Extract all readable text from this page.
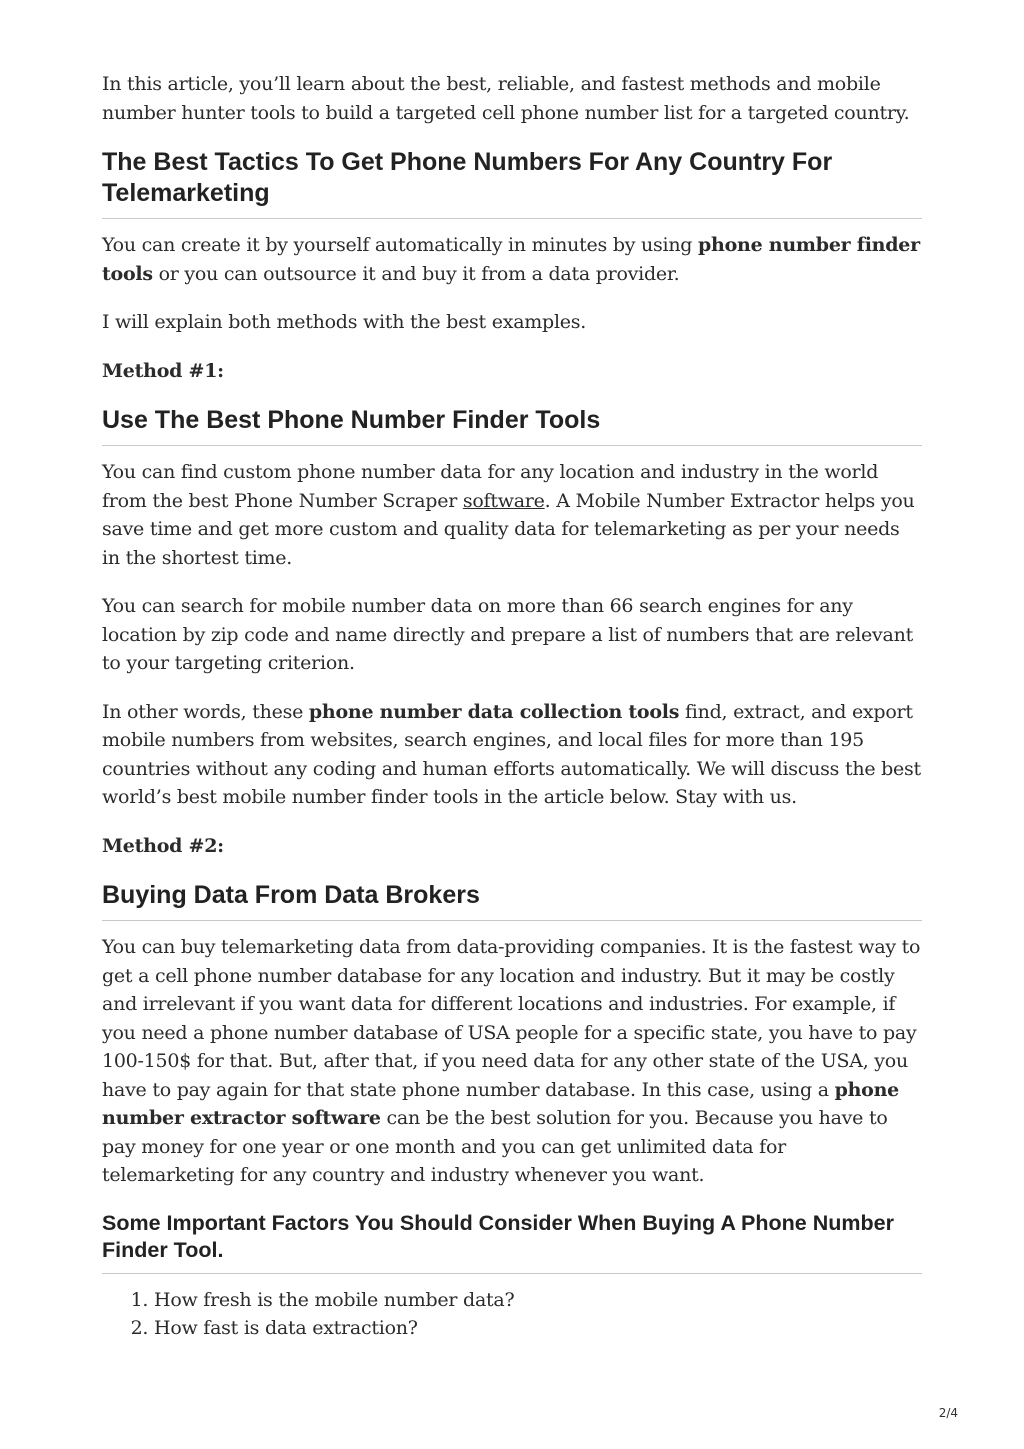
In this article, you’ll learn about the best, reliable, and fastest methods and mobile number hunter tools to build a targeted cell phone number list for a targeted country.

The Best Tactics To Get Phone Numbers For Any Country For Telemarketing

You can create it by yourself automatically in minutes by using phone number finder tools or you can outsource it and buy it from a data provider.

I will explain both methods with the best examples.

Method #1:

Use The Best Phone Number Finder Tools

You can find custom phone number data for any location and industry in the world from the best Phone Number Scraper software. A Mobile Number Extractor helps you save time and get more custom and quality data for telemarketing as per your needs in the shortest time.

You can search for mobile number data on more than 66 search engines for any location by zip code and name directly and prepare a list of numbers that are relevant to your targeting criterion.

In other words, these phone number data collection tools find, extract, and export mobile numbers from websites, search engines, and local files for more than 195 countries without any coding and human efforts automatically. We will discuss the best world’s best mobile number finder tools in the article below. Stay with us.

Method #2:

Buying Data From Data Brokers

You can buy telemarketing data from data-providing companies. It is the fastest way to get a cell phone number database for any location and industry. But it may be costly and irrelevant if you want data for different locations and industries. For example, if you need a phone number database of USA people for a specific state, you have to pay 100-150$ for that. But, after that, if you need data for any other state of the USA, you have to pay again for that state phone number database. In this case, using a phone number extractor software can be the best solution for you. Because you have to pay money for one year or one month and you can get unlimited data for telemarketing for any country and industry whenever you want.

Some Important Factors You Should Consider When Buying A Phone Number Finder Tool.
1. How fresh is the mobile number data?
2. How fast is data extraction?
2/4
